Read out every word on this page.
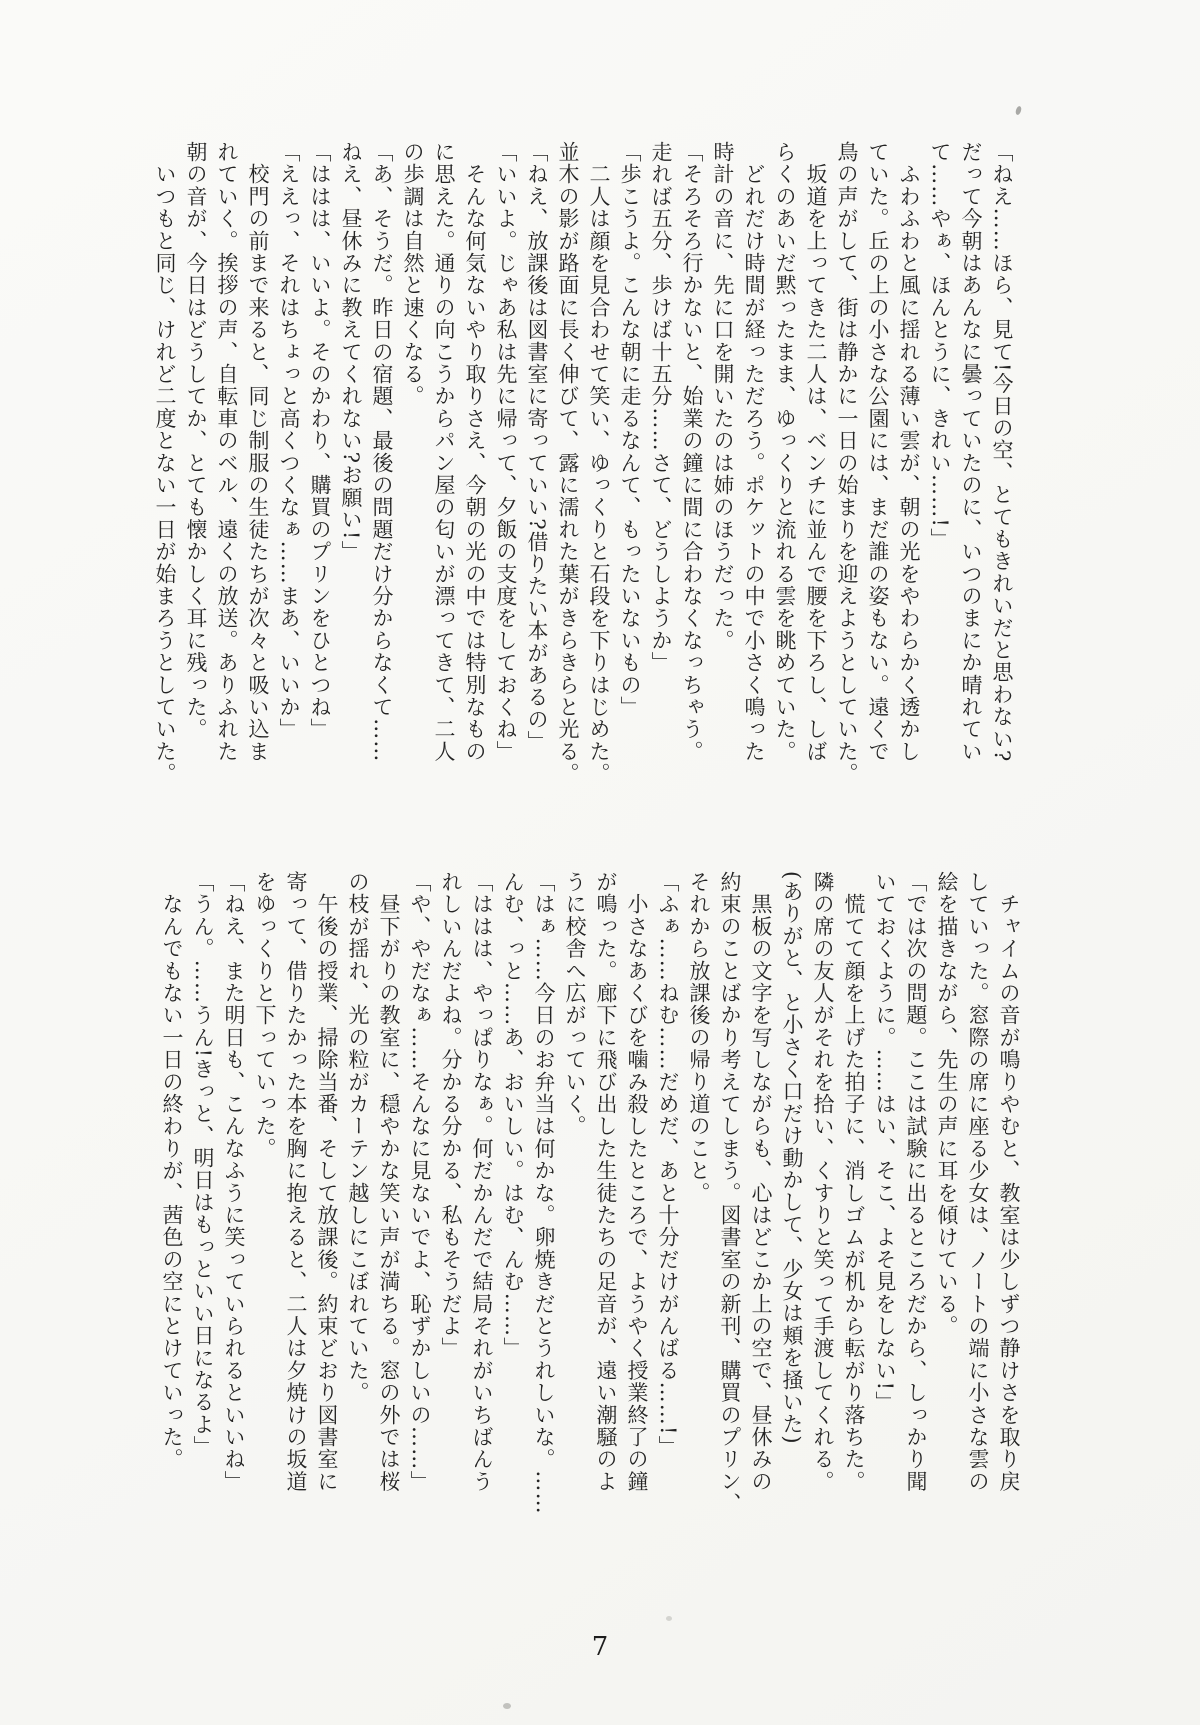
「ねえ……ほら、見て!今日の空、とてもきれいだと思わない?
だって今朝はあんなに曇っていたのに、いつのまにか晴れてい
て……やぁ、ほんとうに、きれい……!」
　ふわふわと風に揺れる薄い雲が、朝の光をやわらかく透かし
ていた。丘の上の小さな公園には、まだ誰の姿もない。遠くで
鳥の声がして、街は静かに一日の始まりを迎えようとしていた。
　坂道を上ってきた二人は、ベンチに並んで腰を下ろし、しば
らくのあいだ黙ったまま、ゆっくりと流れる雲を眺めていた。
　どれだけ時間が経っただろう。ポケットの中で小さく鳴った
時計の音に、先に口を開いたのは姉のほうだった。
「そろそろ行かないと、始業の鐘に間に合わなくなっちゃう。
走れば五分、歩けば十五分……さて、どうしようか」
「歩こうよ。こんな朝に走るなんて、もったいないもの」
　二人は顔を見合わせて笑い、ゆっくりと石段を下りはじめた。
並木の影が路面に長く伸びて、露に濡れた葉がきらきらと光る。
「ねえ、放課後は図書室に寄っていい?借りたい本があるの」
「いいよ。じゃあ私は先に帰って、夕飯の支度をしておくね」
　そんな何気ないやり取りさえ、今朝の光の中では特別なもの
に思えた。通りの向こうからパン屋の匂いが漂ってきて、二人
の歩調は自然と速くなる。
「あ、そうだ。昨日の宿題、最後の問題だけ分からなくて……
ねえ、昼休みに教えてくれない?お願い!」
「ははは、いいよ。そのかわり、購買のプリンをひとつね」
「ええっ、それはちょっと高くつくなぁ……まあ、いいか」
　校門の前まで来ると、同じ制服の生徒たちが次々と吸い込ま
れていく。挨拶の声、自転車のベル、遠くの放送。ありふれた
朝の音が、今日はどうしてか、とても懐かしく耳に残った。
　いつもと同じ、けれど二度とない一日が始まろうとしていた。
　チャイムの音が鳴りやむと、教室は少しずつ静けさを取り戻
していった。窓際の席に座る少女は、ノートの端に小さな雲の
絵を描きながら、先生の声に耳を傾けている。
「では次の問題。ここは試験に出るところだから、しっかり聞
いておくように。……はい、そこ、よそ見をしない!」
　慌てて顔を上げた拍子に、消しゴムが机から転がり落ちた。
隣の席の友人がそれを拾い、くすりと笑って手渡してくれる。
(ありがと、と小さく口だけ動かして、少女は頬を掻いた)
　黒板の文字を写しながらも、心はどこか上の空で、昼休みの
約束のことばかり考えてしまう。図書室の新刊、購買のプリン、
それから放課後の帰り道のこと。
「ふぁ……ねむ……だめだ、あと十分だけがんばる……!」
　小さなあくびを噛み殺したところで、ようやく授業終了の鐘
が鳴った。廊下に飛び出した生徒たちの足音が、遠い潮騒のよ
うに校舎へ広がっていく。
「はぁ……今日のお弁当は何かな。卵焼きだとうれしいな。……
んむ、っと……あ、おいしい。はむ、んむ……」
「ははは、やっぱりなぁ。何だかんだで結局それがいちばんう
れしいんだよね。分かる分かる、私もそうだよ」
「や、やだなぁ……そんなに見ないでよ、恥ずかしいの……」
　昼下がりの教室に、穏やかな笑い声が満ちる。窓の外では桜
の枝が揺れ、光の粒がカーテン越しにこぼれていた。
　午後の授業、掃除当番、そして放課後。約束どおり図書室に
寄って、借りたかった本を胸に抱えると、二人は夕焼けの坂道
をゆっくりと下っていった。
「ねえ、また明日も、こんなふうに笑っていられるといいね」
「うん。……うん!きっと、明日はもっといい日になるよ」
　なんでもない一日の終わりが、茜色の空にとけていった。
7
